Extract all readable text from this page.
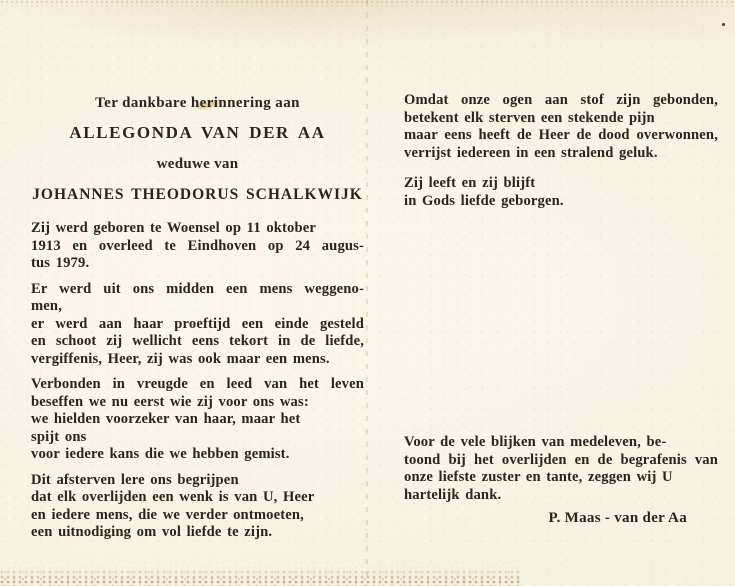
Ter dankbare herinnering aan
ALLEGONDA VAN DER AA
weduwe van
JOHANNES THEODORUS SCHALKWIJK
Zij werd geboren te Woensel op 11 oktober
1913 en overleed te Eindhoven op 24 augus-
tus 1979.
Er werd uit ons midden een mens weggeno-
men,
er werd aan haar proeftijd een einde gesteld
en schoot zij wellicht eens tekort in de liefde,
vergiffenis, Heer, zij was ook maar een mens.
Verbonden in vreugde en leed van het leven
beseffen we nu eerst wie zij voor ons was:
we hielden voorzeker van haar, maar het
spijt ons
voor iedere kans die we hebben gemist.
Dit afsterven lere ons begrijpen
dat elk overlijden een wenk is van U, Heer
en iedere mens, die we verder ontmoeten,
een uitnodiging om vol liefde te zijn.
Omdat onze ogen aan stof zijn gebonden,
betekent elk sterven een stekende pijn
maar eens heeft de Heer de dood overwonnen,
verrijst iedereen in een stralend geluk.
Zij leeft en zij blijft
in Gods liefde geborgen.
Voor de vele blijken van medeleven, be-
toond bij het overlijden en de begrafenis van
onze liefste zuster en tante, zeggen wij U
hartelijk dank.
P. Maas - van der Aa
